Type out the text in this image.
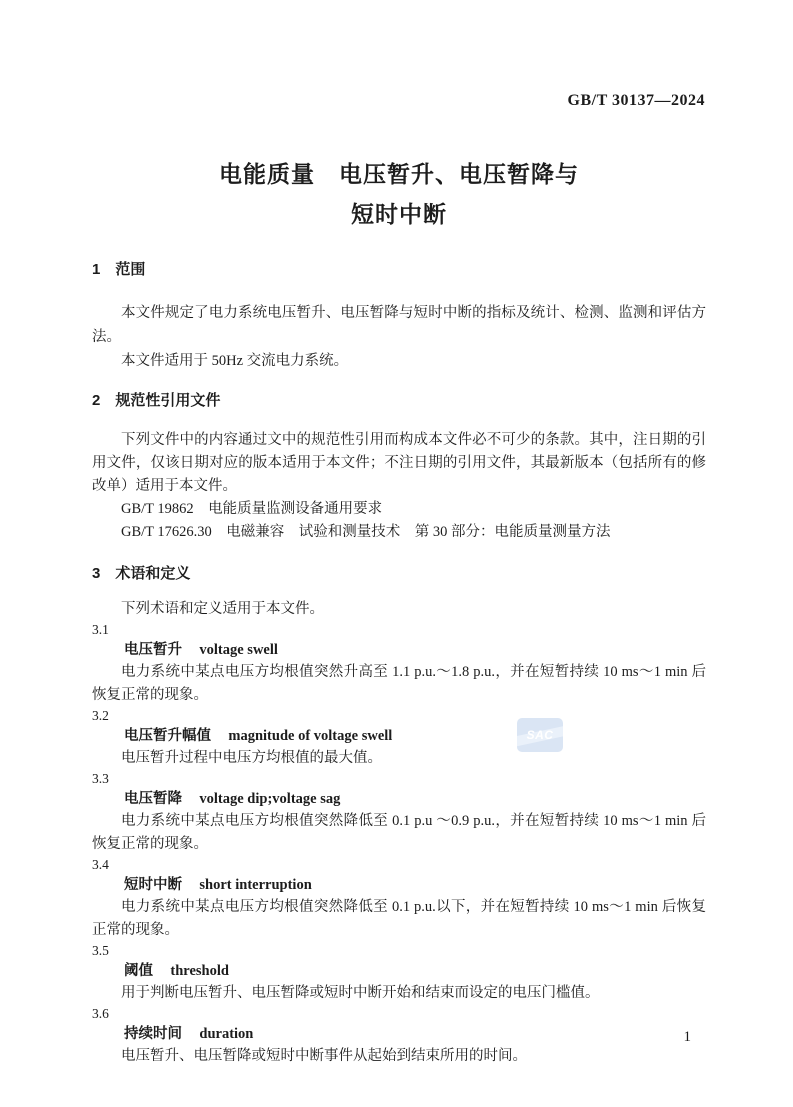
GB/T 30137—2024
电能质量　电压暂升、电压暂降与
短时中断
1　范围
本文件规定了电力系统电压暂升、电压暂降与短时中断的指标及统计、检测、监测和评估方法。
本文件适用于 50Hz 交流电力系统。
2　规范性引用文件
下列文件中的内容通过文中的规范性引用而构成本文件必不可少的条款。其中，注日期的引用文件，仅该日期对应的版本适用于本文件；不注日期的引用文件，其最新版本（包括所有的修改单）适用于本文件。
GB/T 19862　电能质量监测设备通用要求
GB/T 17626.30　电磁兼容　试验和测量技术　第 30 部分：电能质量测量方法
3　术语和定义
下列术语和定义适用于本文件。
3.1
电压暂升 voltage swell
电力系统中某点电压方均根值突然升高至 1.1 p.u.～1.8 p.u.，并在短暂持续 10 ms～1 min 后恢复正常的现象。
3.2
电压暂升幅值 magnitude of voltage swell
电压暂升过程中电压方均根值的最大值。
3.3
电压暂降 voltage dip;voltage sag
电力系统中某点电压方均根值突然降低至 0.1 p.u ～0.9 p.u.，并在短暂持续 10 ms～1 min 后恢复正常的现象。
3.4
短时中断 short interruption
电力系统中某点电压方均根值突然降低至 0.1 p.u.以下，并在短暂持续 10 ms～1 min 后恢复正常的现象。
3.5
阈值 threshold
用于判断电压暂升、电压暂降或短时中断开始和结束而设定的电压门槛值。
3.6
持续时间 duration
电压暂升、电压暂降或短时中断事件从起始到结束所用的时间。
SAC
1
